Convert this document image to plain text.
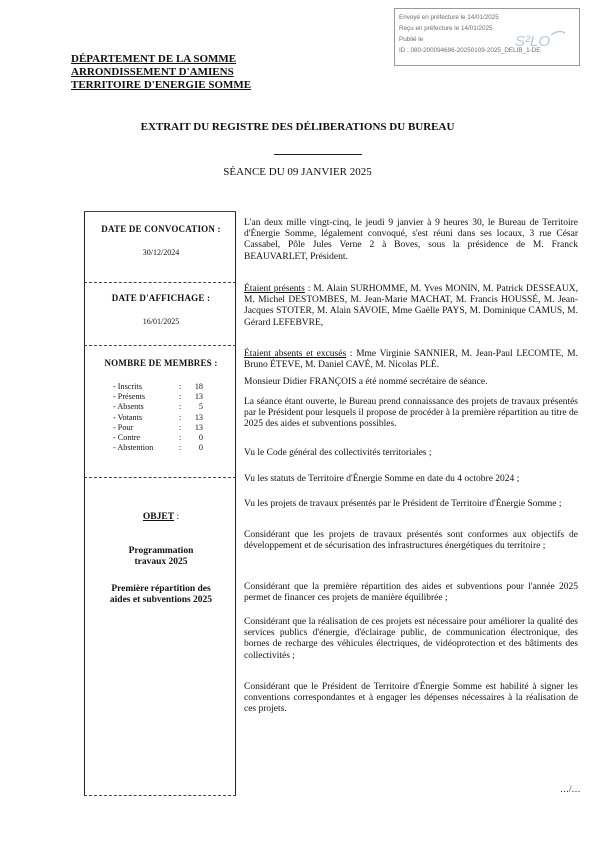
Envoyé en préfecture le 14/01/2025
Reçu en préfecture le 14/01/2025
Publié le
ID : 080-200094696-20250109-2025_DELIB_1-DE
S²LO
DÉPARTEMENT DE LA SOMME
ARRONDISSEMENT D'AMIENS
TERRITOIRE D'ENERGIE SOMME
EXTRAIT DU REGISTRE DES DÉLIBERATIONS DU BUREAU
SÉANCE DU 09 JANVIER 2025
DATE DE CONVOCATION :
30/12/2024
DATE D'AFFICHAGE :
16/01/2025
NOMBRE DE MEMBRES :
- Inscrits	:	18
- Présents	:	13
- Absents	:	5
- Votants	:	13
- Pour	:	13
- Contre	:	0
- Abstention	:	0
OBJET :
Programmation travaux 2025
Première répartition des aides et subventions 2025
L'an deux mille vingt-cinq, le jeudi 9 janvier à 9 heures 30, le Bureau de Territoire d'Énergie Somme, légalement convoqué, s'est réuni dans ses locaux, 3 rue César Cassabel, Pôle Jules Verne 2 à Boves, sous la présidence de M. Franck BEAUVARLET, Président.
Étaient présents : M. Alain SURHOMME, M. Yves MONIN, M. Patrick DESSEAUX, M. Michel DESTOMBES, M. Jean-Marie MACHAT, M. Francis HOUSSÉ, M. Jean-Jacques STOTER, M. Alain SAVOIE, Mme Gaëlle PAYS, M. Dominique CAMUS, M. Gérard LEFEBVRE,
Étaient absents et excusés : Mme Virginie SANNIER, M. Jean-Paul LECOMTE, M. Bruno ÉTEVE, M. Daniel CAVÉ, M. Nicolas PLÉ.
Monsieur Didier FRANÇOIS a été nommé secrétaire de séance.
La séance étant ouverte, le Bureau prend connaissance des projets de travaux présentés par le Président pour lesquels il propose de procéder à la première répartition au titre de 2025 des aides et subventions possibles.
Vu le Code général des collectivités territoriales ;
Vu les statuts de Territoire d'Énergie Somme en date du 4 octobre 2024 ;
Vu les projets de travaux présentés par le Président de Territoire d'Énergie Somme ;
Considérant que les projets de travaux présentés sont conformes aux objectifs de développement et de sécurisation des infrastructures énergétiques du territoire ;
Considérant que la première répartition des aides et subventions pour l'année 2025 permet de financer ces projets de manière équilibrée ;
Considérant que la réalisation de ces projets est nécessaire pour améliorer la qualité des services publics d'énergie, d'éclairage public, de communication électronique, des bornes de recharge des véhicules électriques, de vidéoprotection et des bâtiments des collectivités ;
Considérant que le Président de Territoire d'Énergie Somme est habilité à signer les conventions correspondantes et à engager les dépenses nécessaires à la réalisation de ces projets.
…/…
